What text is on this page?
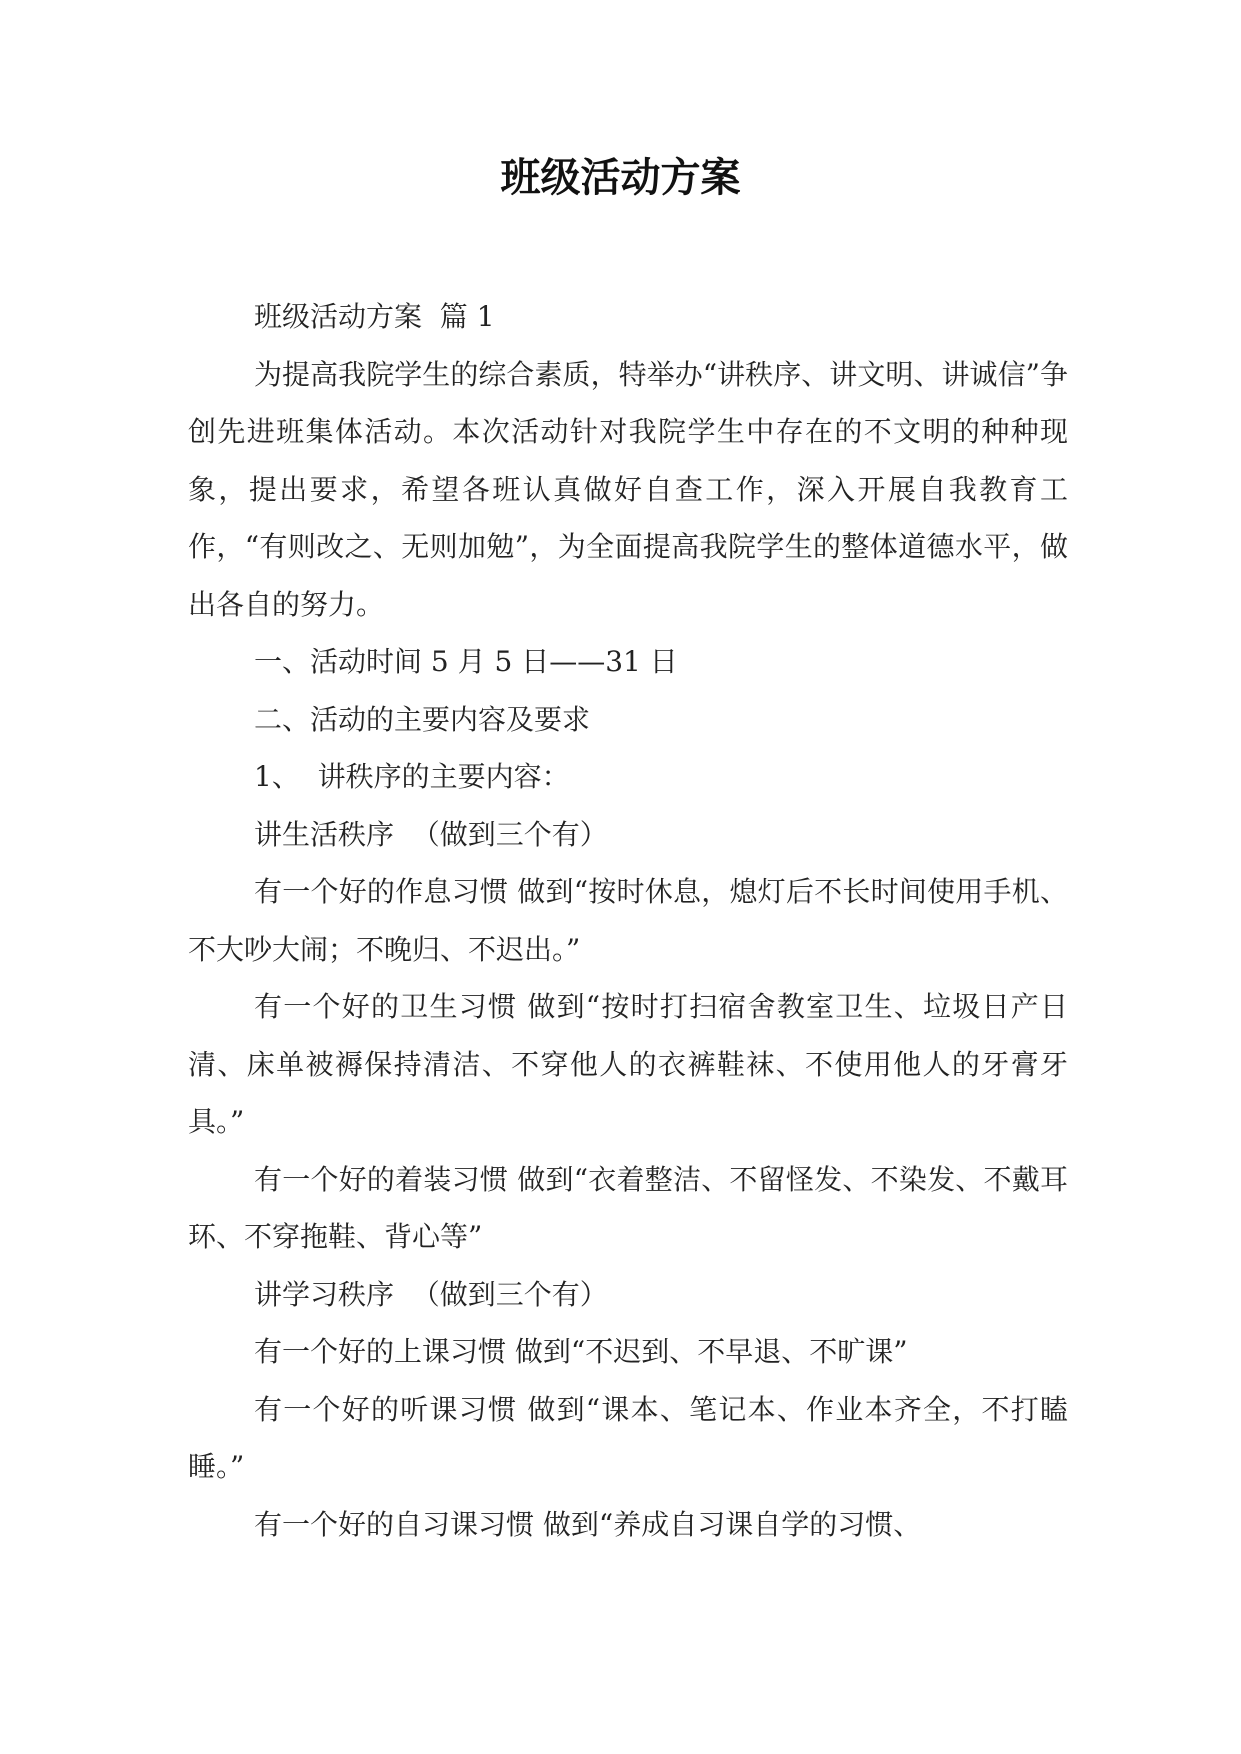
班级活动方案

班级活动方案  篇 1

为提高我院学生的综合素质，特举办“讲秩序、讲文明、讲诚信”争创先进班集体活动。本次活动针对我院学生中存在的不文明的种种现象，提出要求，希望各班认真做好自查工作，深入开展自我教育工作，“有则改之、无则加勉”，为全面提高我院学生的整体道德水平，做出各自的努力。

一、活动时间 5 月 5 日——31 日

二、活动的主要内容及要求

1、  讲秩序的主要内容：

讲生活秩序  （做到三个有）

有一个好的作息习惯 做到“按时休息，熄灯后不长时间使用手机、不大吵大闹；不晚归、不迟出。”

有一个好的卫生习惯 做到“按时打扫宿舍教室卫生、垃圾日产日清、床单被褥保持清洁、不穿他人的衣裤鞋袜、不使用他人的牙膏牙具。”

有一个好的着装习惯 做到“衣着整洁、不留怪发、不染发、不戴耳环、不穿拖鞋、背心等”

讲学习秩序  （做到三个有）

有一个好的上课习惯 做到“不迟到、不早退、不旷课”

有一个好的听课习惯 做到“课本、笔记本、作业本齐全，不打瞌睡。”

有一个好的自习课习惯 做到“养成自习课自学的习惯、
